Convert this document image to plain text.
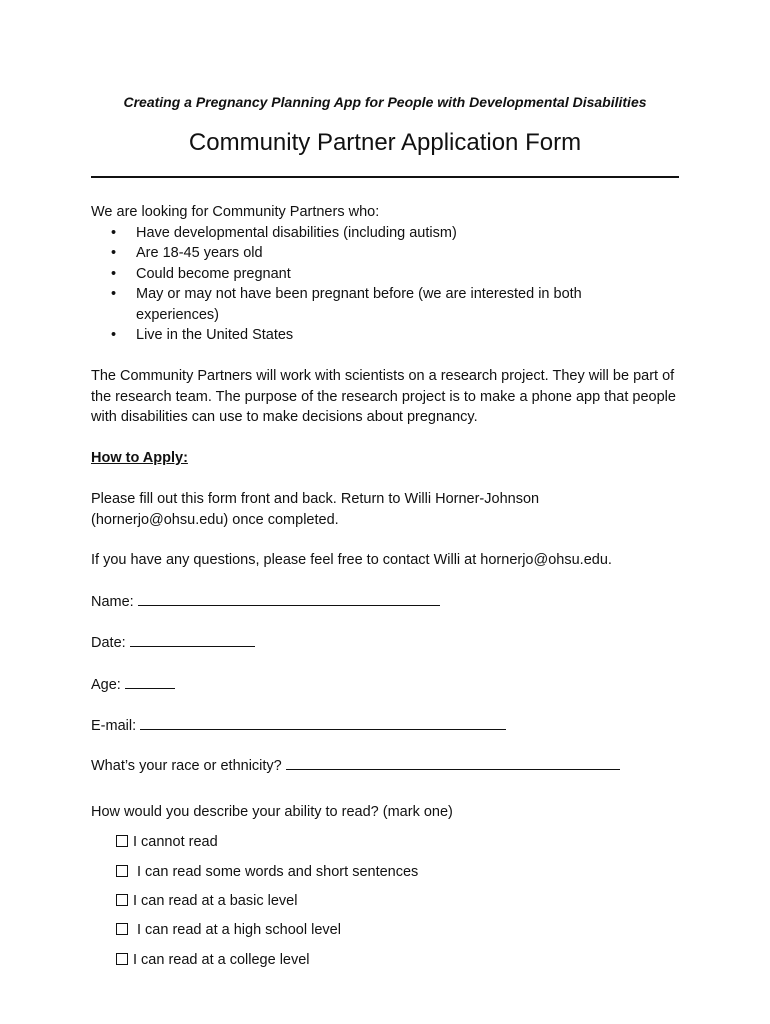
Creating a Pregnancy Planning App for People with Developmental Disabilities
Community Partner Application Form
We are looking for Community Partners who:
• Have developmental disabilities (including autism)
• Are 18-45 years old
• Could become pregnant
• May or may not have been pregnant before (we are interested in both experiences)
• Live in the United States
The Community Partners will work with scientists on a research project. They will be part of the research team. The purpose of the research project is to make a phone app that people with disabilities can use to make decisions about pregnancy.
How to Apply:
Please fill out this form front and back. Return to Willi Horner-Johnson (hornerjo@ohsu.edu) once completed.
If you have any questions, please feel free to contact Willi at hornerjo@ohsu.edu.
Name:
Date:
Age:
E-mail:
What’s your race or ethnicity?
How would you describe your ability to read? (mark one)
I cannot read
I can read some words and short sentences
I can read at a basic level
I can read at a high school level
I can read at a college level
